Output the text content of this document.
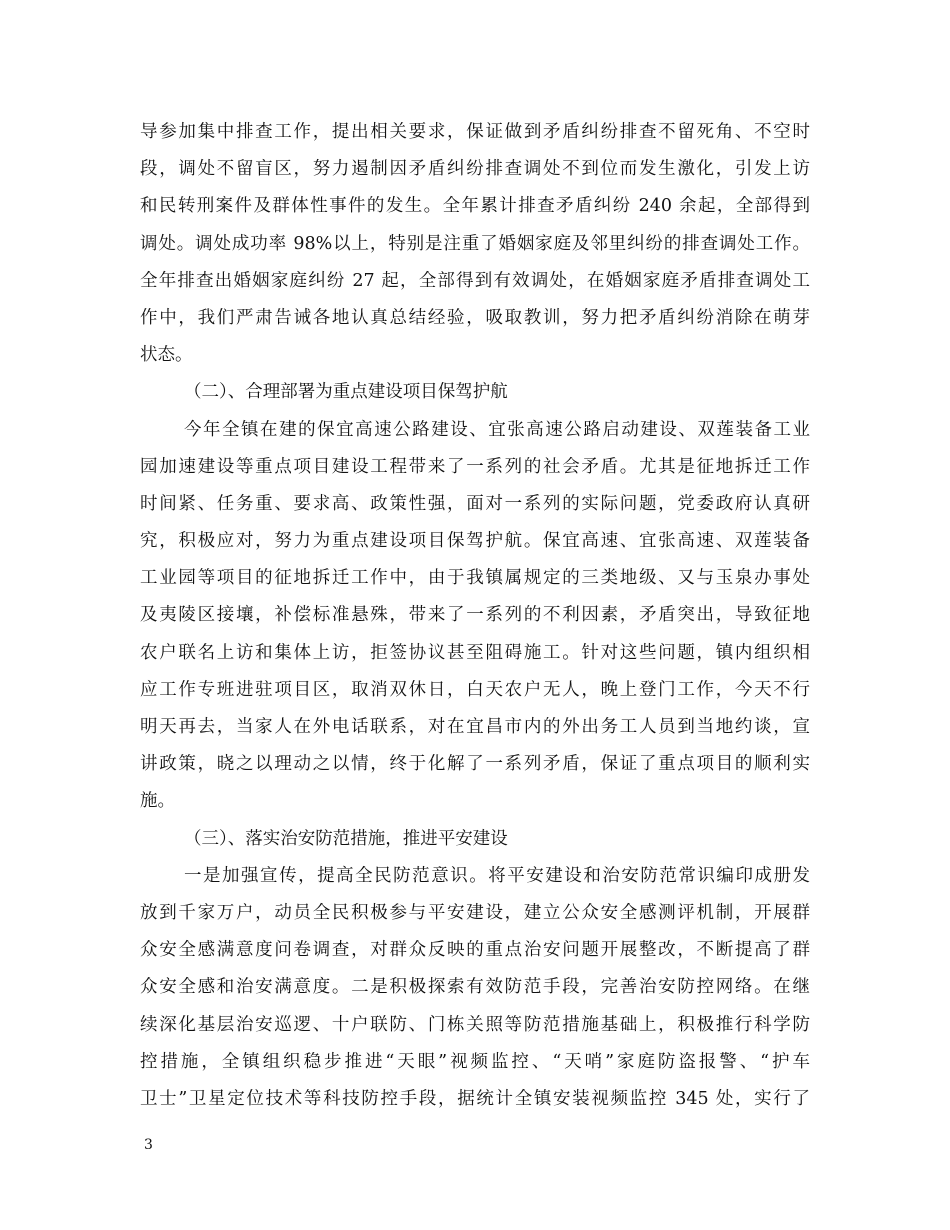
导参加集中排查工作，提出相关要求，保证做到矛盾纠纷排查不留死角、不空时
段，调处不留盲区，努力遏制因矛盾纠纷排查调处不到位而发生激化，引发上访
和民转刑案件及群体性事件的发生。全年累计排查矛盾纠纷 240 余起，全部得到
调处。调处成功率 98%以上，特别是注重了婚姻家庭及邻里纠纷的排查调处工作。
全年排查出婚姻家庭纠纷 27 起，全部得到有效调处，在婚姻家庭矛盾排查调处工
作中，我们严肃告诫各地认真总结经验，吸取教训，努力把矛盾纠纷消除在萌芽
状态。
（二）、合理部署为重点建设项目保驾护航
今年全镇在建的保宜高速公路建设、宜张高速公路启动建设、双莲装备工业
园加速建设等重点项目建设工程带来了一系列的社会矛盾。尤其是征地拆迁工作
时间紧、任务重、要求高、政策性强，面对一系列的实际问题，党委政府认真研
究，积极应对，努力为重点建设项目保驾护航。保宜高速、宜张高速、双莲装备
工业园等项目的征地拆迁工作中，由于我镇属规定的三类地级、又与玉泉办事处
及夷陵区接壤，补偿标准悬殊，带来了一系列的不利因素，矛盾突出，导致征地
农户联名上访和集体上访，拒签协议甚至阻碍施工。针对这些问题，镇内组织相
应工作专班进驻项目区，取消双休日，白天农户无人，晚上登门工作，今天不行
明天再去，当家人在外电话联系，对在宜昌市内的外出务工人员到当地约谈，宣
讲政策，晓之以理动之以情，终于化解了一系列矛盾，保证了重点项目的顺利实
施。
（三）、落实治安防范措施，推进平安建设
一是加强宣传，提高全民防范意识。将平安建设和治安防范常识编印成册发
放到千家万户，动员全民积极参与平安建设，建立公众安全感测评机制，开展群
众安全感满意度问卷调查，对群众反映的重点治安问题开展整改，不断提高了群
众安全感和治安满意度。二是积极探索有效防范手段，完善治安防控网络。在继
续深化基层治安巡逻、十户联防、门栋关照等防范措施基础上，积极推行科学防
控措施，全镇组织稳步推进“天眼”视频监控、“天哨”家庭防盗报警、“护车
卫士”卫星定位技术等科技防控手段，据统计全镇安装视频监控 345 处，实行了
3
